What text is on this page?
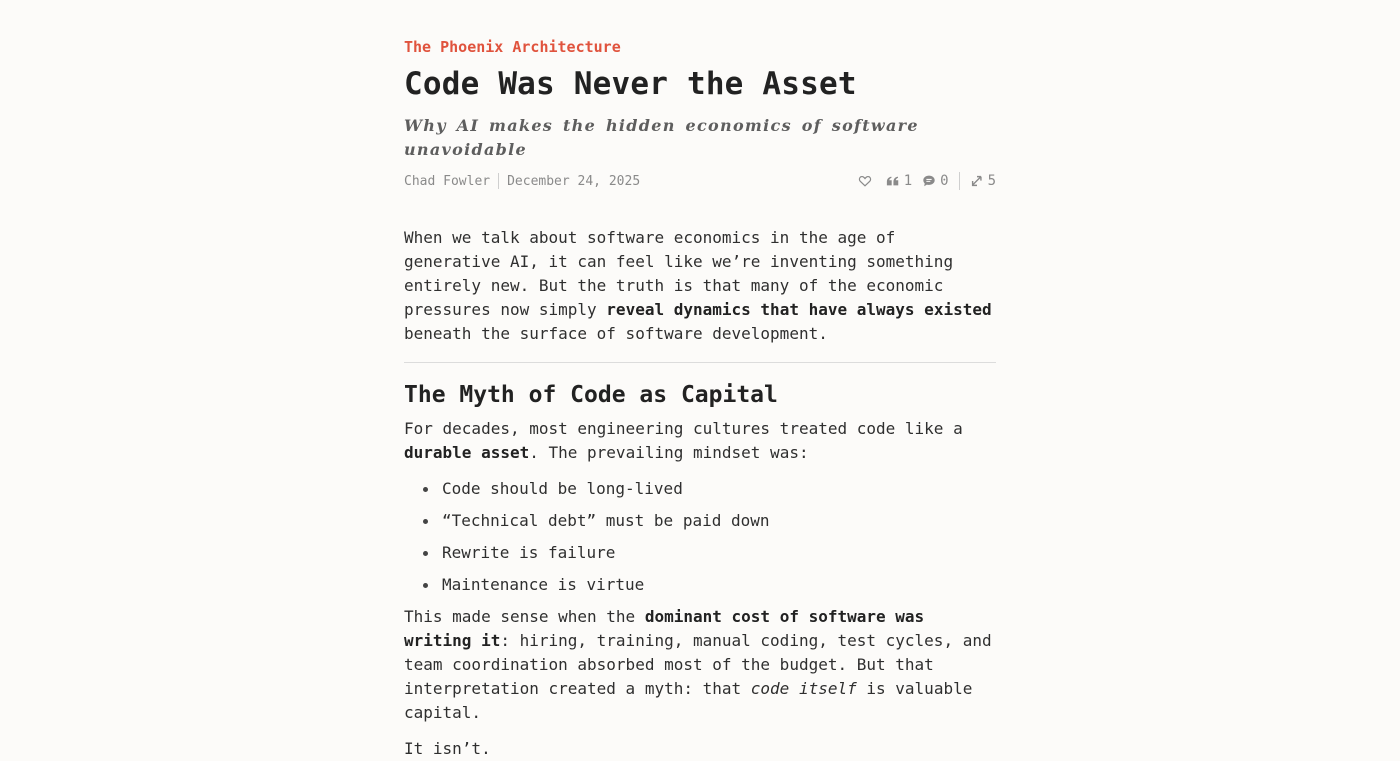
The Phoenix Architecture
Code Was Never the Asset
Why AI makes the hidden economics of software unavoidable
Chad Fowler December 24, 2025	1 0	5

When we talk about software economics in the age of generative AI, it can feel like we’re inventing something entirely new. But the truth is that many of the economic pressures now simply reveal dynamics that have always existed beneath the surface of software development.

The Myth of Code as Capital

For decades, most engineering cultures treated code like a durable asset. The prevailing mindset was:

Code should be long-lived
“Technical debt” must be paid down
Rewrite is failure
Maintenance is virtue

This made sense when the dominant cost of software was writing it: hiring, training, manual coding, test cycles, and team coordination absorbed most of the budget. But that interpretation created a myth: that code itself is valuable capital.

It isn’t.
